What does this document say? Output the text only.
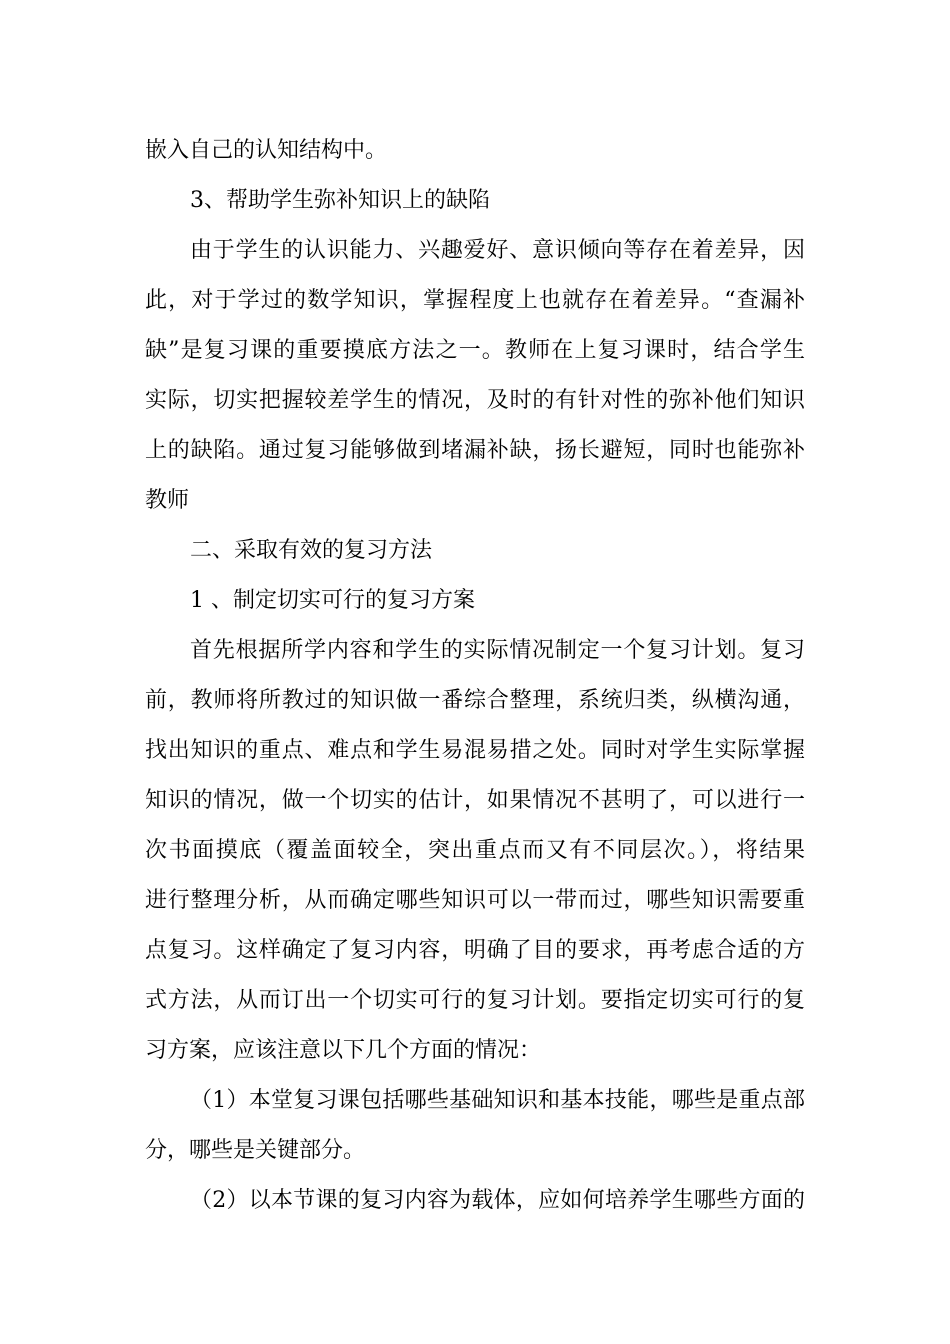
嵌入自己的认知结构中。
3、帮助学生弥补知识上的缺陷
由于学生的认识能力、兴趣爱好、意识倾向等存在着差异，因
此，对于学过的数学知识，掌握程度上也就存在着差异。“查漏补
缺”是复习课的重要摸底方法之一。教师在上复习课时，结合学生
实际，切实把握较差学生的情况，及时的有针对性的弥补他们知识
上的缺陷。通过复习能够做到堵漏补缺，扬长避短，同时也能弥补
教师
二、采取有效的复习方法
1 、制定切实可行的复习方案
首先根据所学内容和学生的实际情况制定一个复习计划。复习
前，教师将所教过的知识做一番综合整理，系统归类，纵横沟通，
找出知识的重点、难点和学生易混易措之处。同时对学生实际掌握
知识的情况，做一个切实的估计，如果情况不甚明了，可以进行一
次书面摸底（覆盖面较全，突出重点而又有不同层次。），将结果
进行整理分析，从而确定哪些知识可以一带而过，哪些知识需要重
点复习。这样确定了复习内容，明确了目的要求，再考虑合适的方
式方法，从而订出一个切实可行的复习计划。要指定切实可行的复
习方案，应该注意以下几个方面的情况：
（1）本堂复习课包括哪些基础知识和基本技能，哪些是重点部
分，哪些是关键部分。
（2）以本节课的复习内容为载体，应如何培养学生哪些方面的
